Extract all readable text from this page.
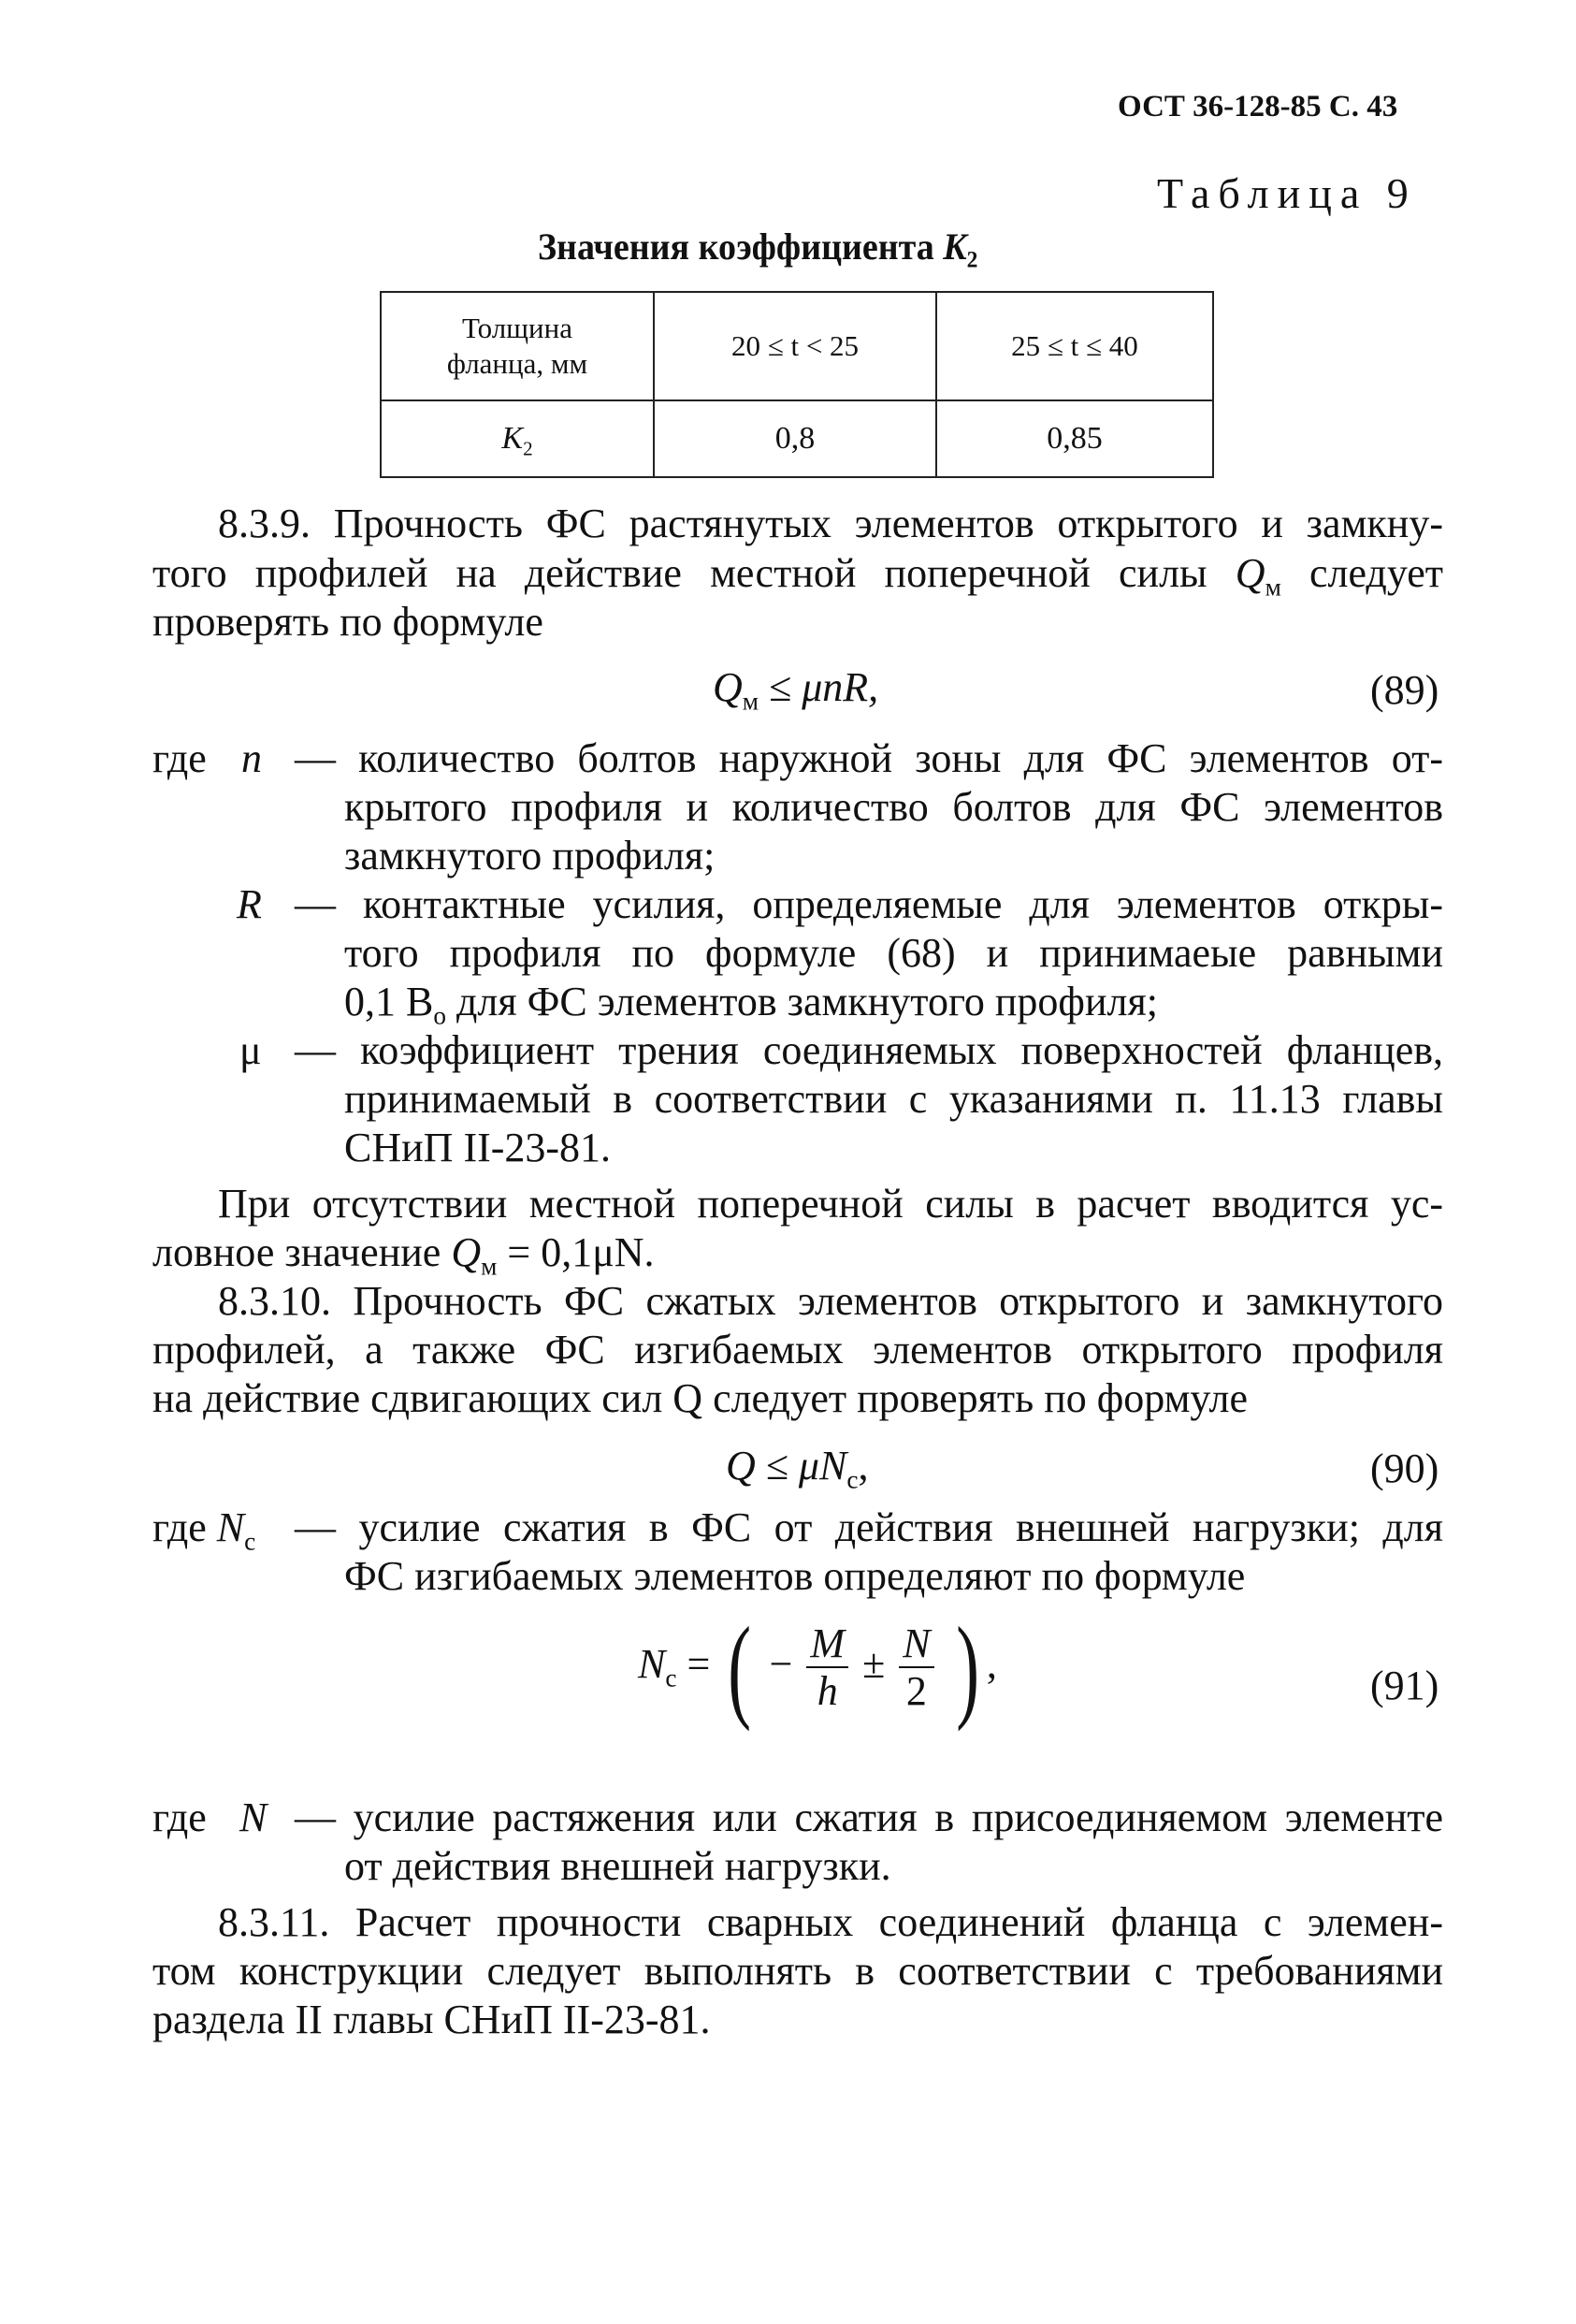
ОСТ 36-128-85 С. 43
Таблица 9
Значения коэффициента $K_2$
Толщина
фланца, мм	20 ≤ t < 25	25 ≤ t ≤ 40
$K_2$	0,8	0,85
8.3.9. Прочность ФС растянутых элементов открытого и замкну-
того профилей на действие местной поперечной силы $Q_м$ следует
проверять по формуле
$Q_м \le \mu nR$,	(89)
где n — количество болтов наружной зоны для ФС элементов от-
крытого профиля и количество болтов для ФС элементов
замкнутого профиля;
R — контактные усилия, определяемые для элементов откры-
того профиля по формуле (68) и принимаеые равными
0,1 $В_о$ для ФС элементов замкнутого профиля;
μ — коэффициент трения соединяемых поверхностей фланцев,
принимаемый в соответствии с указаниями п. 11.13 главы
СНиП II-23-81.
При отсутствии местной поперечной силы в расчет вводится ус-
ловное значение $Q_м = 0,1\mu N$.
8.3.10. Прочность ФС сжатых элементов открытого и замкнутого
профилей, а также ФС изгибаемых элементов открытого профиля
на действие сдвигающих сил Q следует проверять по формуле
$Q \le \mu N_c$,	(90)
где $N_c$ — усилие сжатия в ФС от действия внешней нагрузки; для
ФС изгибаемых элементов определяют по формуле
$N_c$ = ( − $\frac{M}{h} \pm \frac{N}{2}$ ) ,	(91)
где N — усилие растяжения или сжатия в присоединяемом элементе
от действия внешней нагрузки.
8.3.11. Расчет прочности сварных соединений фланца с элемен-
том конструкции следует выполнять в соответствии с требованиями
раздела II главы СНиП II-23-81.
